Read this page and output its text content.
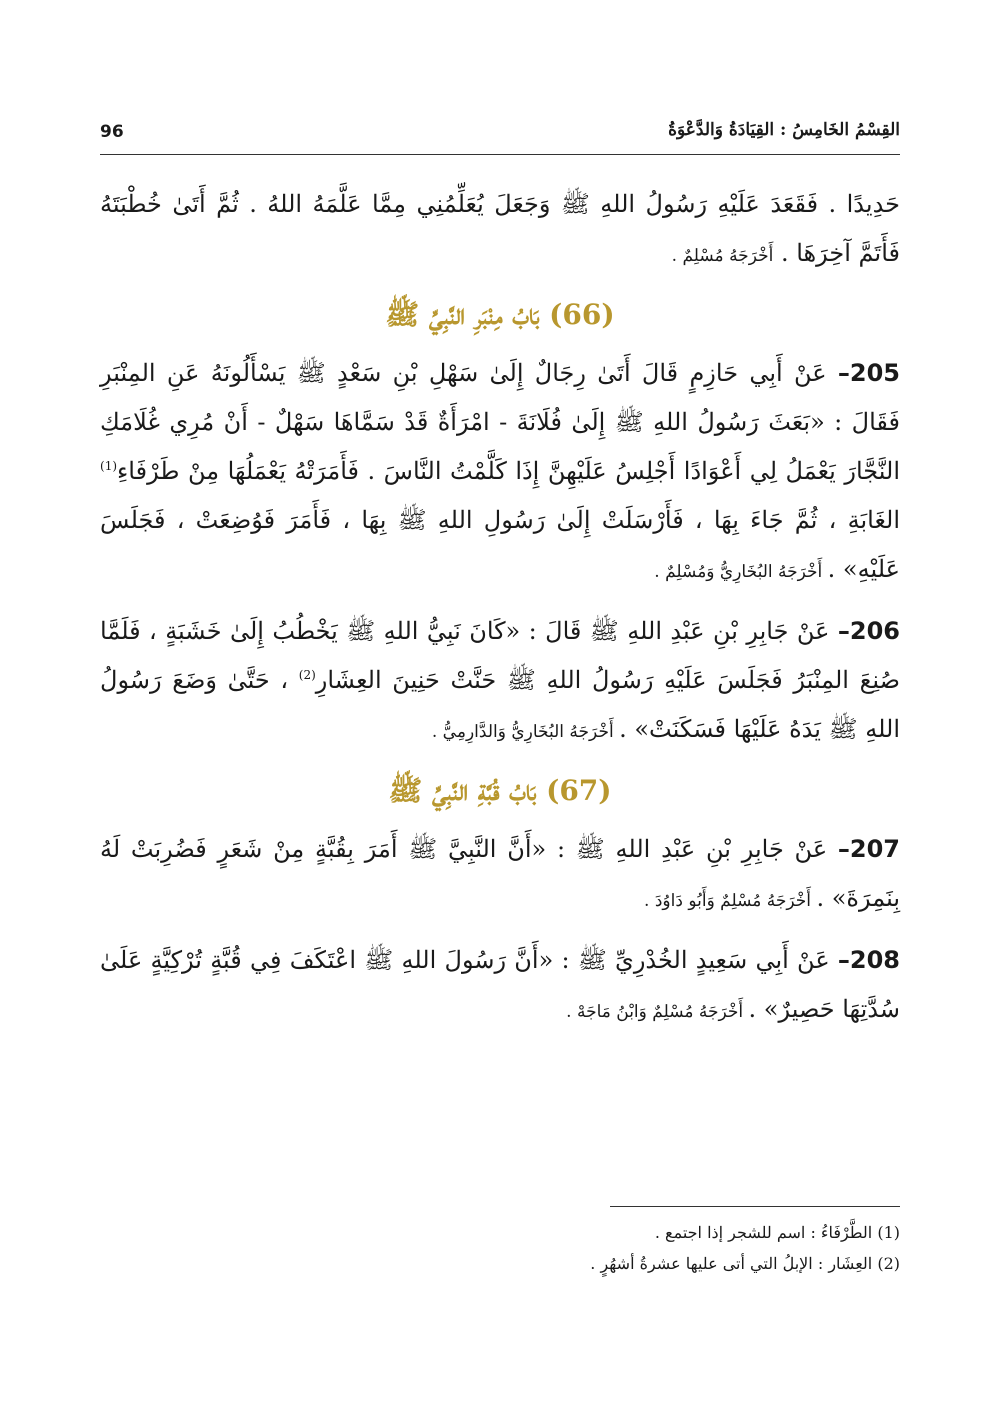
96	القِسْمُ الخَامِسُ : القِيَادَةُ وَالدَّعْوَةُ

حَدِيدًا . فَقَعَدَ عَلَيْهِ رَسُولُ اللهِ ﷺ وَجَعَلَ يُعَلِّمُنِي مِمَّا عَلَّمَهُ اللهُ . ثُمَّ أَتَىٰ خُطْبَتَهُ فَأَتَمَّ آخِرَهَا . أَخْرَجَهُ مُسْلِمٌ .

(66) بَابُ مِنْبَرِ النَّبِيِّ ﷺ

205– عَنْ أَبِي حَازِمٍ قَالَ أَتَىٰ رِجَالٌ إِلَىٰ سَهْلِ بْنِ سَعْدٍ ﷺ يَسْأَلُونَهُ عَنِ المِنْبَرِ فَقَالَ : «بَعَثَ رَسُولُ اللهِ ﷺ إِلَىٰ فُلَانَةَ - امْرَأَةٌ قَدْ سَمَّاهَا سَهْلٌ - أَنْ مُرِي غُلَامَكِ النَّجَّارَ يَعْمَلُ لِي أَعْوَادًا أَجْلِسُ عَلَيْهِنَّ إِذَا كَلَّمْتُ النَّاسَ . فَأَمَرَتْهُ يَعْمَلُهَا مِنْ طَرْفَاءِ$^{(1)}$ الغَابَةِ ، ثُمَّ جَاءَ بِهَا ، فَأَرْسَلَتْ إِلَىٰ رَسُولِ اللهِ ﷺ بِهَا ، فَأَمَرَ فَوُضِعَتْ ، فَجَلَسَ عَلَيْهِ» . أَخْرَجَهُ البُخَارِيُّ وَمُسْلِمٌ .

206– عَنْ جَابِرِ بْنِ عَبْدِ اللهِ ﷺ قَالَ : «كَانَ نَبِيُّ اللهِ ﷺ يَخْطُبُ إِلَىٰ خَشَبَةٍ ، فَلَمَّا صُنِعَ المِنْبَرُ فَجَلَسَ عَلَيْهِ رَسُولُ اللهِ ﷺ حَنَّتْ حَنِينَ العِشَارِ$^{(2)}$ ، حَتَّىٰ وَضَعَ رَسُولُ اللهِ ﷺ يَدَهُ عَلَيْهَا فَسَكَنَتْ» . أَخْرَجَهُ البُخَارِيُّ وَالدَّارِمِيُّ .

(67) بَابُ قُبَّةِ النَّبِيِّ ﷺ

207– عَنْ جَابِرِ بْنِ عَبْدِ اللهِ ﷺ : «أَنَّ النَّبِيَّ ﷺ أَمَرَ بِقُبَّةٍ مِنْ شَعَرٍ فَضُرِبَتْ لَهُ بِنَمِرَةَ» . أَخْرَجَهُ مُسْلِمٌ وَأَبُو دَاوُدَ .

208– عَنْ أَبِي سَعِيدٍ الخُدْرِيِّ ﷺ : «أَنَّ رَسُولَ اللهِ ﷺ اعْتَكَفَ فِي قُبَّةٍ تُرْكِيَّةٍ عَلَىٰ سُدَّتِهَا حَصِيرٌ» . أَخْرَجَهُ مُسْلِمٌ وَابْنُ مَاجَهْ .

(1) الطَّرْفَاءُ : اسم للشجر إذا اجتمع .
(2) العِشَار : الإبلُ التي أتى عليها عشرةُ أشهُرٍ .
